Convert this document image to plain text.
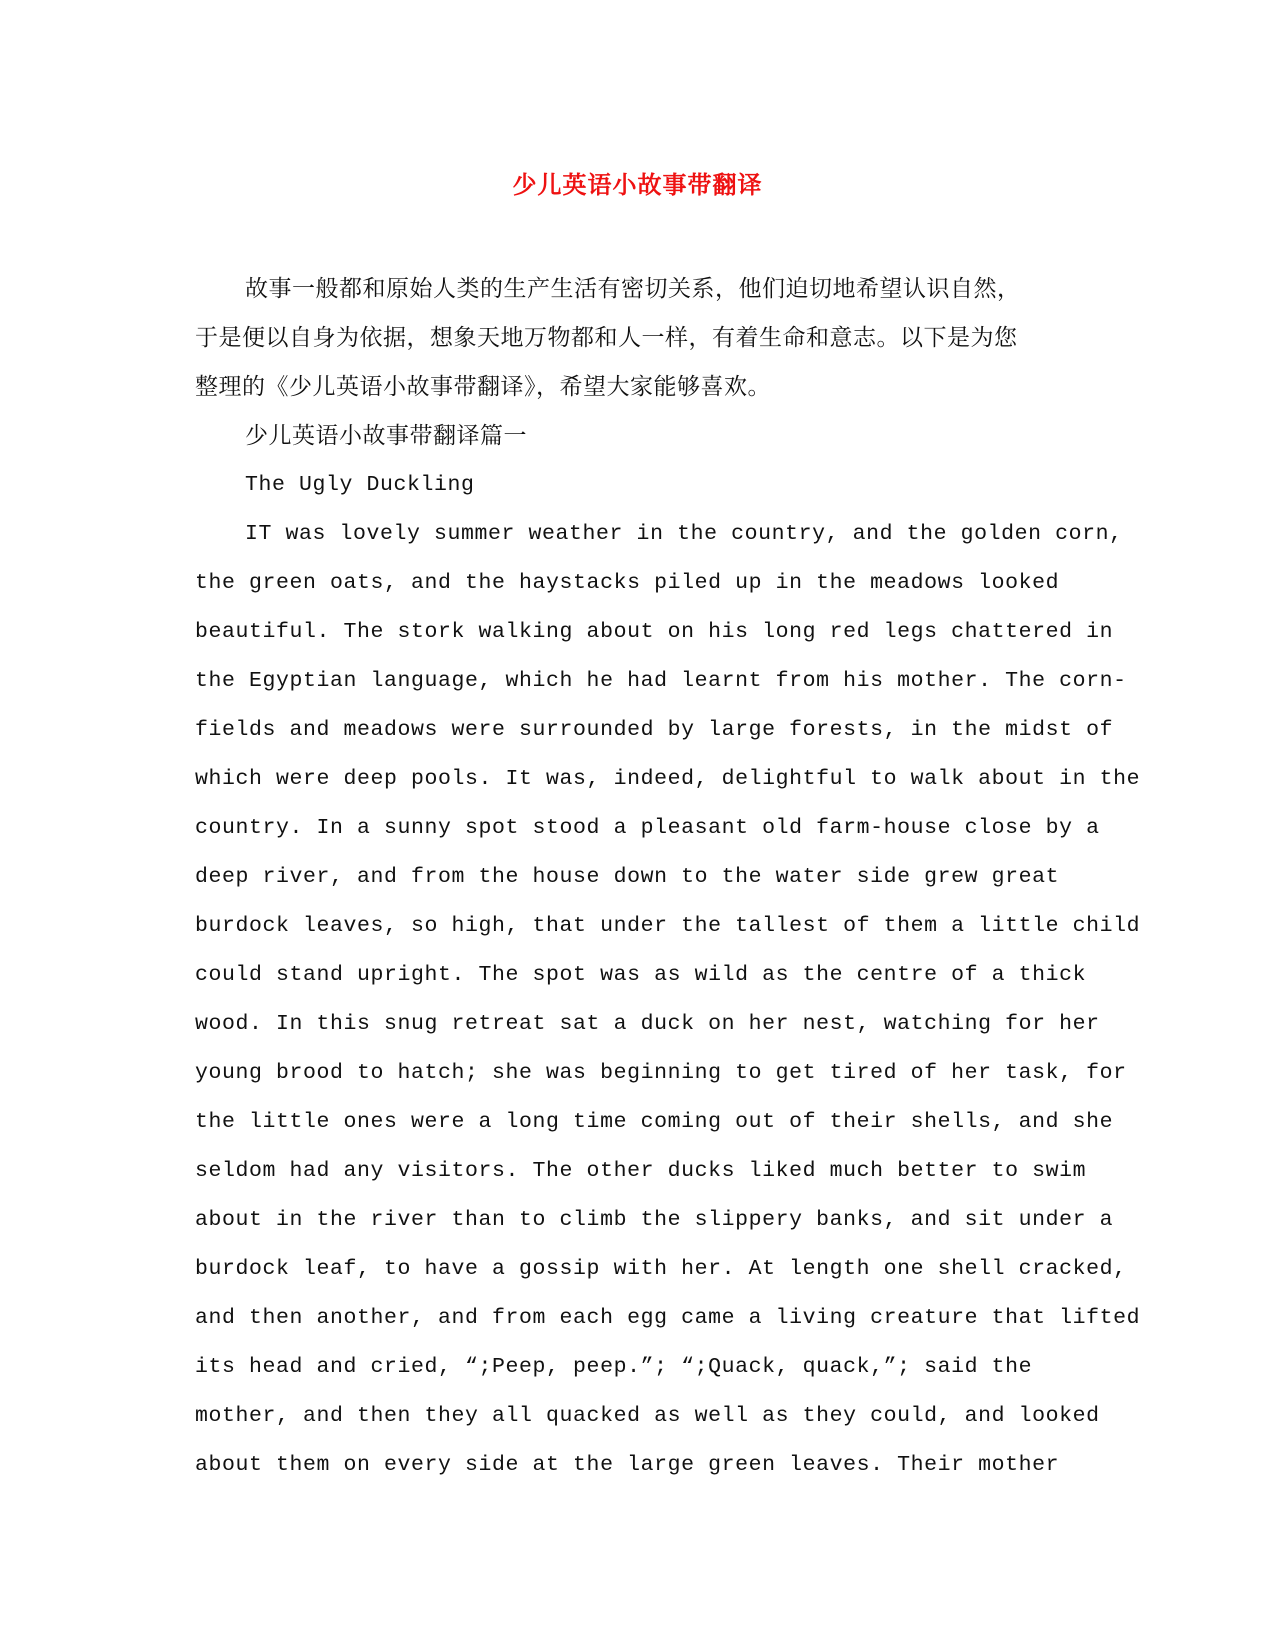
少儿英语小故事带翻译
故事一般都和原始人类的生产生活有密切关系，他们迫切地希望认识自然，
于是便以自身为依据，想象天地万物都和人一样，有着生命和意志。以下是为您
整理的《少儿英语小故事带翻译》，希望大家能够喜欢。
少儿英语小故事带翻译篇一
The Ugly Duckling
IT was lovely summer weather in the country, and the golden corn,
the green oats, and the haystacks piled up in the meadows looked
beautiful. The stork walking about on his long red legs chattered in
the Egyptian language, which he had learnt from his mother. The corn-
fields and meadows were surrounded by large forests, in the midst of
which were deep pools. It was, indeed, delightful to walk about in the
country. In a sunny spot stood a pleasant old farm-house close by a
deep river, and from the house down to the water side grew great
burdock leaves, so high, that under the tallest of them a little child
could stand upright. The spot was as wild as the centre of a thick
wood. In this snug retreat sat a duck on her nest, watching for her
young brood to hatch; she was beginning to get tired of her task, for
the little ones were a long time coming out of their shells, and she
seldom had any visitors. The other ducks liked much better to swim
about in the river than to climb the slippery banks, and sit under a
burdock leaf, to have a gossip with her. At length one shell cracked,
and then another, and from each egg came a living creature that lifted
its head and cried, “;Peep, peep.”; “;Quack, quack,”; said the
mother, and then they all quacked as well as they could, and looked
about them on every side at the large green leaves. Their mother
